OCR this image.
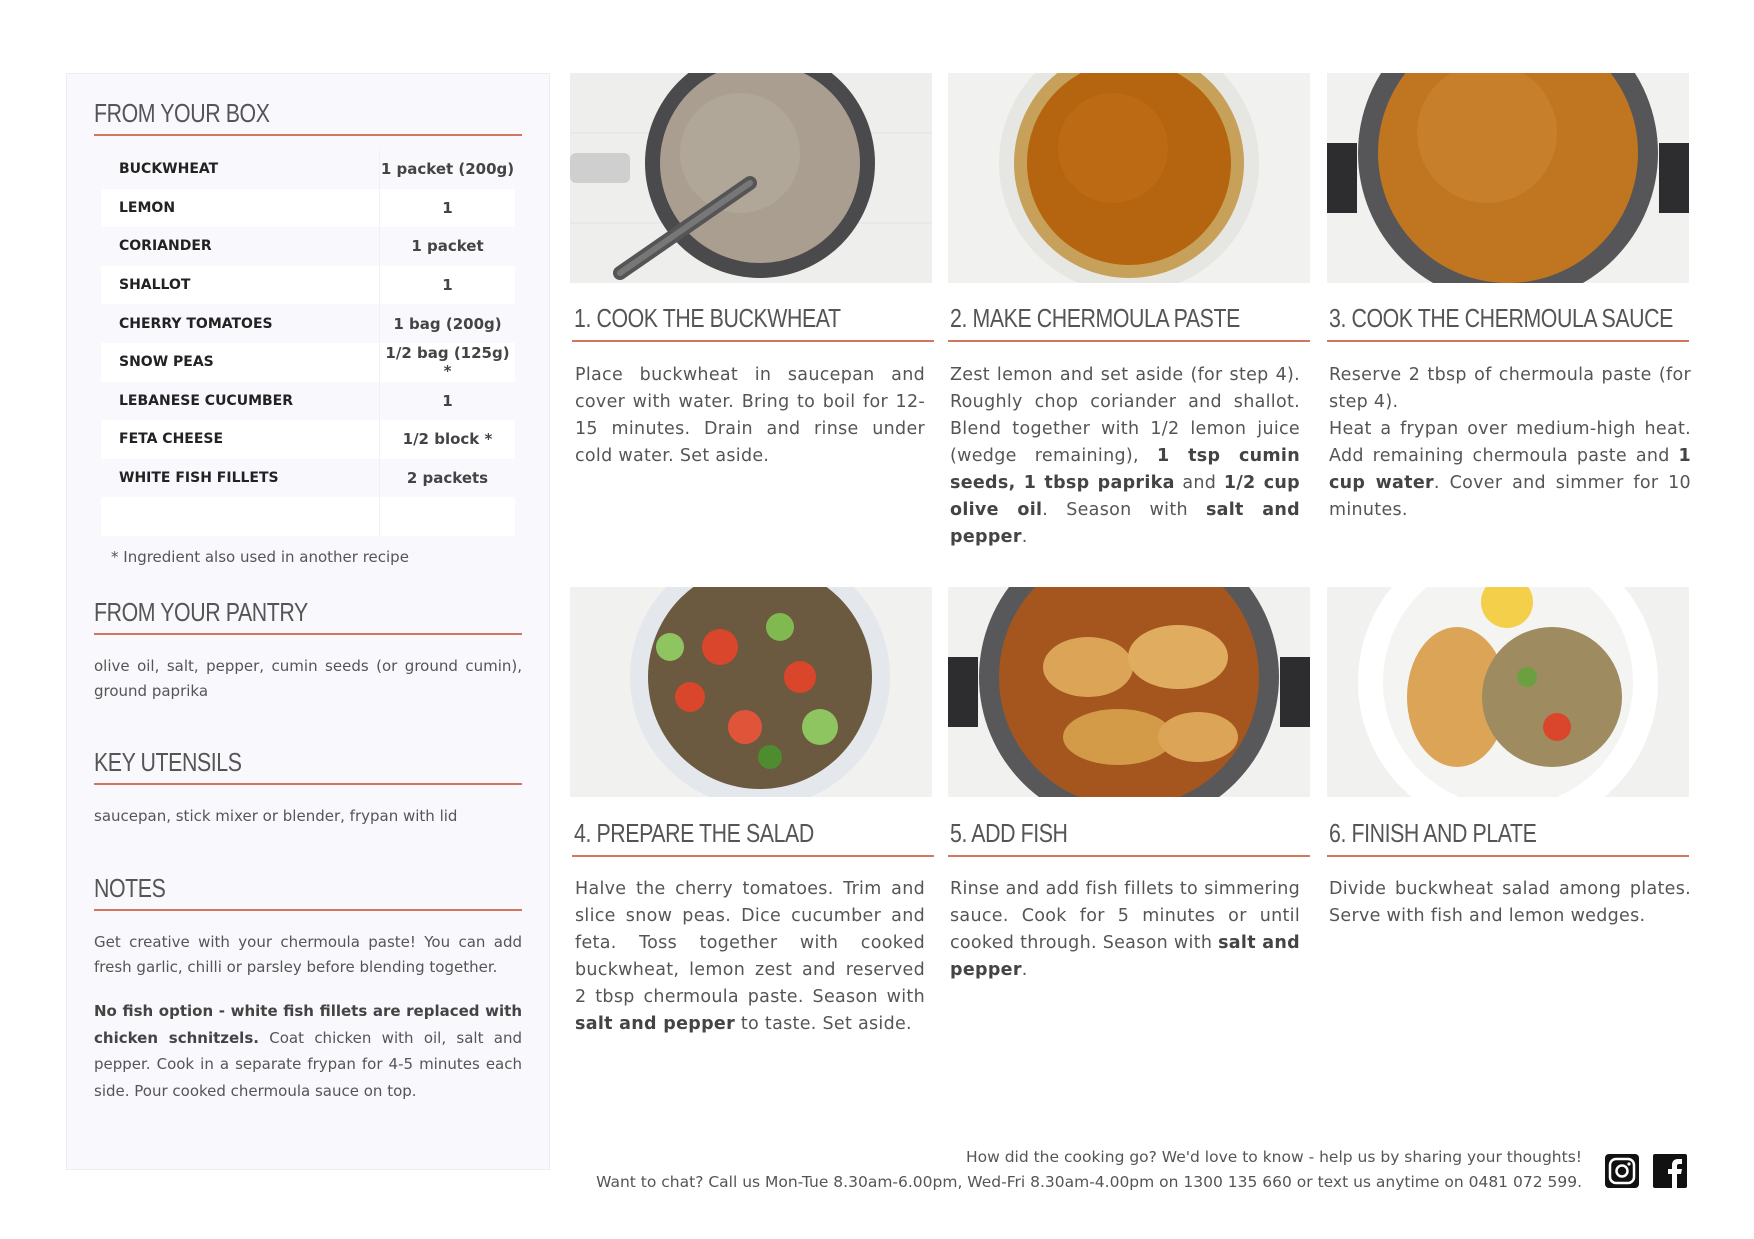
FROM YOUR BOX
BUCKWHEAT	1 packet (200g)
LEMON	1
CORIANDER	1 packet
SHALLOT	1
CHERRY TOMATOES	1 bag (200g)
SNOW PEAS	1/2 bag (125g) *
LEBANESE CUCUMBER	1
FETA CHEESE	1/2 block *
WHITE FISH FILLETS	2 packets
* Ingredient also used in another recipe
FROM YOUR PANTRY
olive oil, salt, pepper, cumin seeds (or ground cumin), ground paprika
KEY UTENSILS
saucepan, stick mixer or blender, frypan with lid
NOTES
Get creative with your chermoula paste! You can add fresh garlic, chilli or parsley before blending together.
No fish option - white fish fillets are replaced with chicken schnitzels. Coat chicken with oil, salt and pepper. Cook in a separate frypan for 4-5 minutes each side. Pour cooked chermoula sauce on top.
1. COOK THE BUCKWHEAT
Place buckwheat in saucepan and cover with water. Bring to boil for 12-15 minutes. Drain and rinse under cold water. Set aside.
2. MAKE CHERMOULA PASTE
Zest lemon and set aside (for step 4). Roughly chop coriander and shallot. Blend together with 1/2 lemon juice (wedge remaining), 1 tsp cumin seeds, 1 tbsp paprika and 1/2 cup olive oil. Season with salt and pepper.
3. COOK THE CHERMOULA SAUCE
Reserve 2 tbsp of chermoula paste (for step 4).
Heat a frypan over medium-high heat. Add remaining chermoula paste and 1 cup water. Cover and simmer for 10 minutes.
4. PREPARE THE SALAD
Halve the cherry tomatoes. Trim and slice snow peas. Dice cucumber and feta. Toss together with cooked buckwheat, lemon zest and reserved 2 tbsp chermoula paste. Season with salt and pepper to taste. Set aside.
5. ADD FISH
Rinse and add fish fillets to simmering sauce. Cook for 5 minutes or until cooked through. Season with salt and pepper.
6. FINISH AND PLATE
Divide buckwheat salad among plates. Serve with fish and lemon wedges.
How did the cooking go? We'd love to know - help us by sharing your thoughts!
Want to chat? Call us Mon-Tue 8.30am-6.00pm, Wed-Fri 8.30am-4.00pm on 1300 135 660 or text us anytime on 0481 072 599.
